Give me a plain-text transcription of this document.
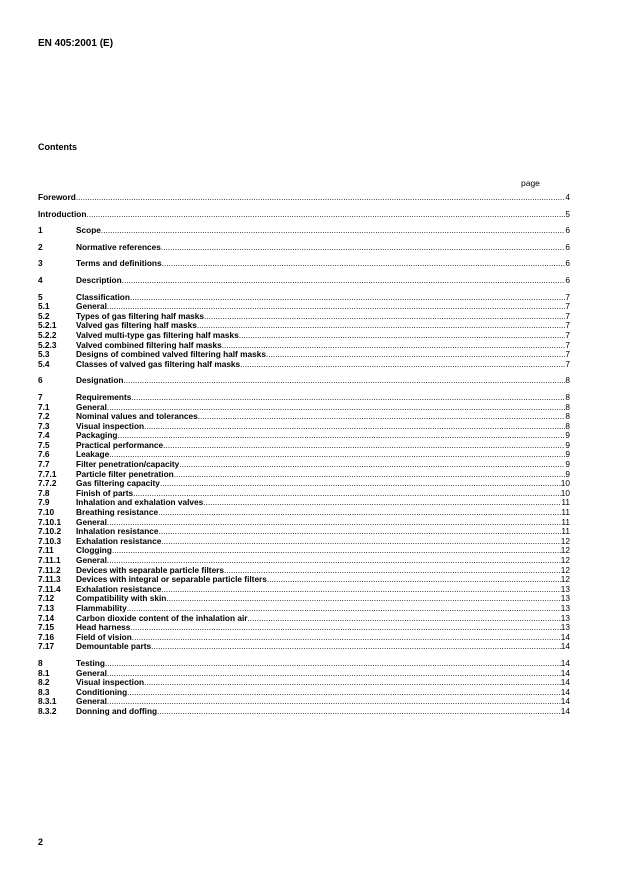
EN 405:2001 (E)
Contents
page
Foreword .....	4
Introduction .....	5
1	Scope .....	6
2	Normative references .....	6
3	Terms and definitions .....	6
4	Description .....	6
5	Classification .....	7
5.1	General .....	7
5.2	Types of gas filtering half masks .....	7
5.2.1	Valved gas filtering half masks .....	7
5.2.2	Valved multi-type gas filtering half masks .....	7
5.2.3	Valved combined filtering half masks .....	7
5.3	Designs of combined valved filtering half masks .....	7
5.4	Classes of valved gas filtering half masks .....	7
6	Designation .....	8
7	Requirements .....	8
7.1	General .....	8
7.2	Nominal values and tolerances .....	8
7.3	Visual inspection .....	8
7.4	Packaging .....	9
7.5	Practical performance .....	9
7.6	Leakage .....	9
7.7	Filter penetration/capacity .....	9
7.7.1	Particle filter penetration .....	9
7.7.2	Gas filtering capacity .....	10
7.8	Finish of parts .....	10
7.9	Inhalation and exhalation valves .....	11
7.10	Breathing resistance .....	11
7.10.1	General .....	11
7.10.2	Inhalation resistance .....	11
7.10.3	Exhalation resistance .....	12
7.11	Clogging .....	12
7.11.1	General .....	12
7.11.2	Devices with separable particle filters .....	12
7.11.3	Devices with integral or separable particle filters .....	12
7.11.4	Exhalation resistance .....	13
7.12	Compatibility with skin .....	13
7.13	Flammability .....	13
7.14	Carbon dioxide content of the inhalation air .....	13
7.15	Head harness .....	13
7.16	Field of vision .....	14
7.17	Demountable parts .....	14
8	Testing .....	14
8.1	General .....	14
8.2	Visual inspection .....	14
8.3	Conditioning .....	14
8.3.1	General .....	14
8.3.2	Donning and doffing .....	14
2
